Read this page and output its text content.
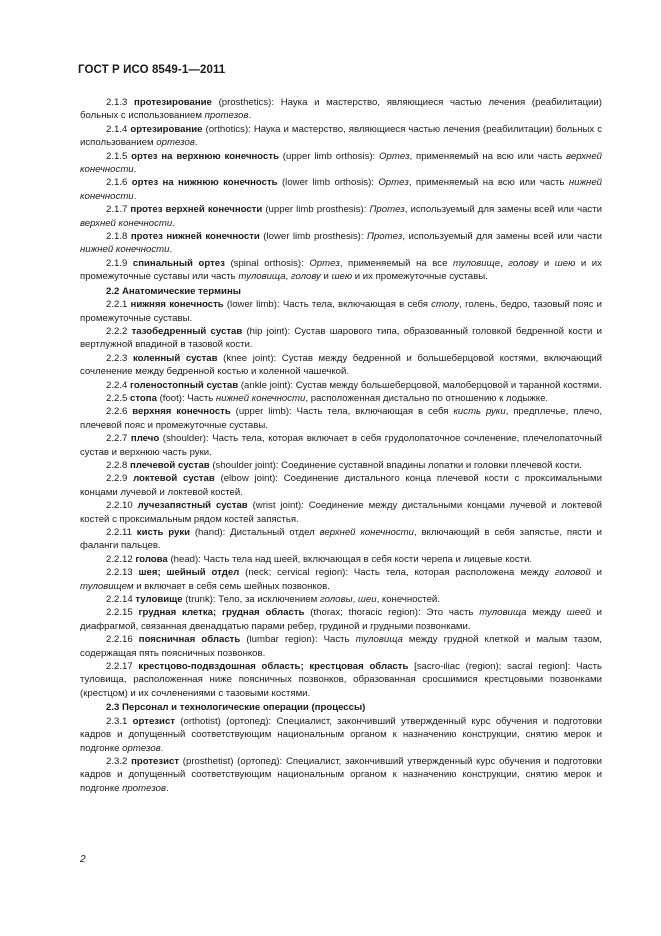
ГОСТ Р ИСО 8549-1—2011

2.1.3 протезирование (prosthetics): Наука и мастерство, являющиеся частью лечения (реабилитации) больных с использованием протезов.

2.1.4 ортезирование (orthotics): Наука и мастерство, являющиеся частью лечения (реабилитации) больных с использованием ортезов.

2.1.5 ортез на верхнюю конечность (upper limb orthosis): Ортез, применяемый на всю или часть верхней конечности.

2.1.6 ортез на нижнюю конечность (lower limb orthosis): Ортез, применяемый на всю или часть нижней конечности.

2.1.7 протез верхней конечности (upper limb prosthesis): Протез, используемый для замены всей или части верхней конечности.

2.1.8 протез нижней конечности (lower limb prosthesis): Протез, используемый для замены всей или части нижней конечности.

2.1.9 спинальный ортез (spinal orthosis): Ортез, применяемый на все туловище, голову и шею и их промежуточные суставы или часть туловища, голову и шею и их промежуточные суставы.

2.2 Анатомические термины

2.2.1 нижняя конечность (lower limb): Часть тела, включающая в себя стопу, голень, бедро, тазовый пояс и промежуточные суставы.

2.2.2 тазобедренный сустав (hip joint): Сустав шарового типа, образованный головкой бедренной кости и вертлужной впадиной в тазовой кости.

2.2.3 коленный сустав (knee joint): Сустав между бедренной и большеберцовой костями, включающий сочленение между бедренной костью и коленной чашечкой.

2.2.4 голеностопный сустав (ankle joint): Сустав между большеберцовой, малоберцовой и таранной костями.

2.2.5 стопа (foot): Часть нижней конечности, расположенная дистально по отношению к лодыжке.

2.2.6 верхняя конечность (upper limb): Часть тела, включающая в себя кисть руки, предплечье, плечо, плечевой пояс и промежуточные суставы.

2.2.7 плечо (shoulder): Часть тела, которая включает в себя грудолопаточное сочленение, плечелопаточный сустав и верхнюю часть руки.

2.2.8 плечевой сустав (shoulder joint): Соединение суставной впадины лопатки и головки плечевой кости.

2.2.9 локтевой сустав (elbow joint): Соединение дистального конца плечевой кости с проксимальными концами лучевой и локтевой костей.

2.2.10 лучезапястный сустав (wrist joint): Соединение между дистальными концами лучевой и локтевой костей с проксимальным рядом костей запястья.

2.2.11 кисть руки (hand): Дистальный отдел верхней конечности, включающий в себя запястье, пясти и фаланги пальцев.

2.2.12 голова (head): Часть тела над шеей, включающая в себя кости черепа и лицевые кости.

2.2.13 шея; шейный отдел (neck; cervical region): Часть тела, которая расположена между головой и туловищем и включает в себя семь шейных позвонков.

2.2.14 туловище (trunk): Тело, за исключением головы, шеи, конечностей.

2.2.15 грудная клетка; грудная область (thorax; thoracic region): Это часть туловища между шеей и диафрагмой, связанная двенадцатью парами ребер, грудиной и грудными позвонками.

2.2.16 поясничная область (lumbar region): Часть туловища между грудной клеткой и малым тазом, содержащая пять поясничных позвонков.

2.2.17 крестцово-подвздошная область; крестцовая область [sacro-iliac (region); sacral region]: Часть туловища, расположенная ниже поясничных позвонков, образованная сросшимися крестцовыми позвонками (крестцом) и их сочленениями с тазовыми костями.

2.3 Персонал и технологические операции (процессы)

2.3.1 ортезист (orthotist) (ортопед): Специалист, закончивший утвержденный курс обучения и подготовки кадров и допущенный соответствующим национальным органом к назначению конструкции, снятию мерок и подгонке ортезов.

2.3.2 протезист (prosthetist) (ортопед): Специалист, закончивший утвержденный курс обучения и подготовки кадров и допущенный соответствующим национальным органом к назначению конструкции, снятию мерок и подгонке протезов.

2
